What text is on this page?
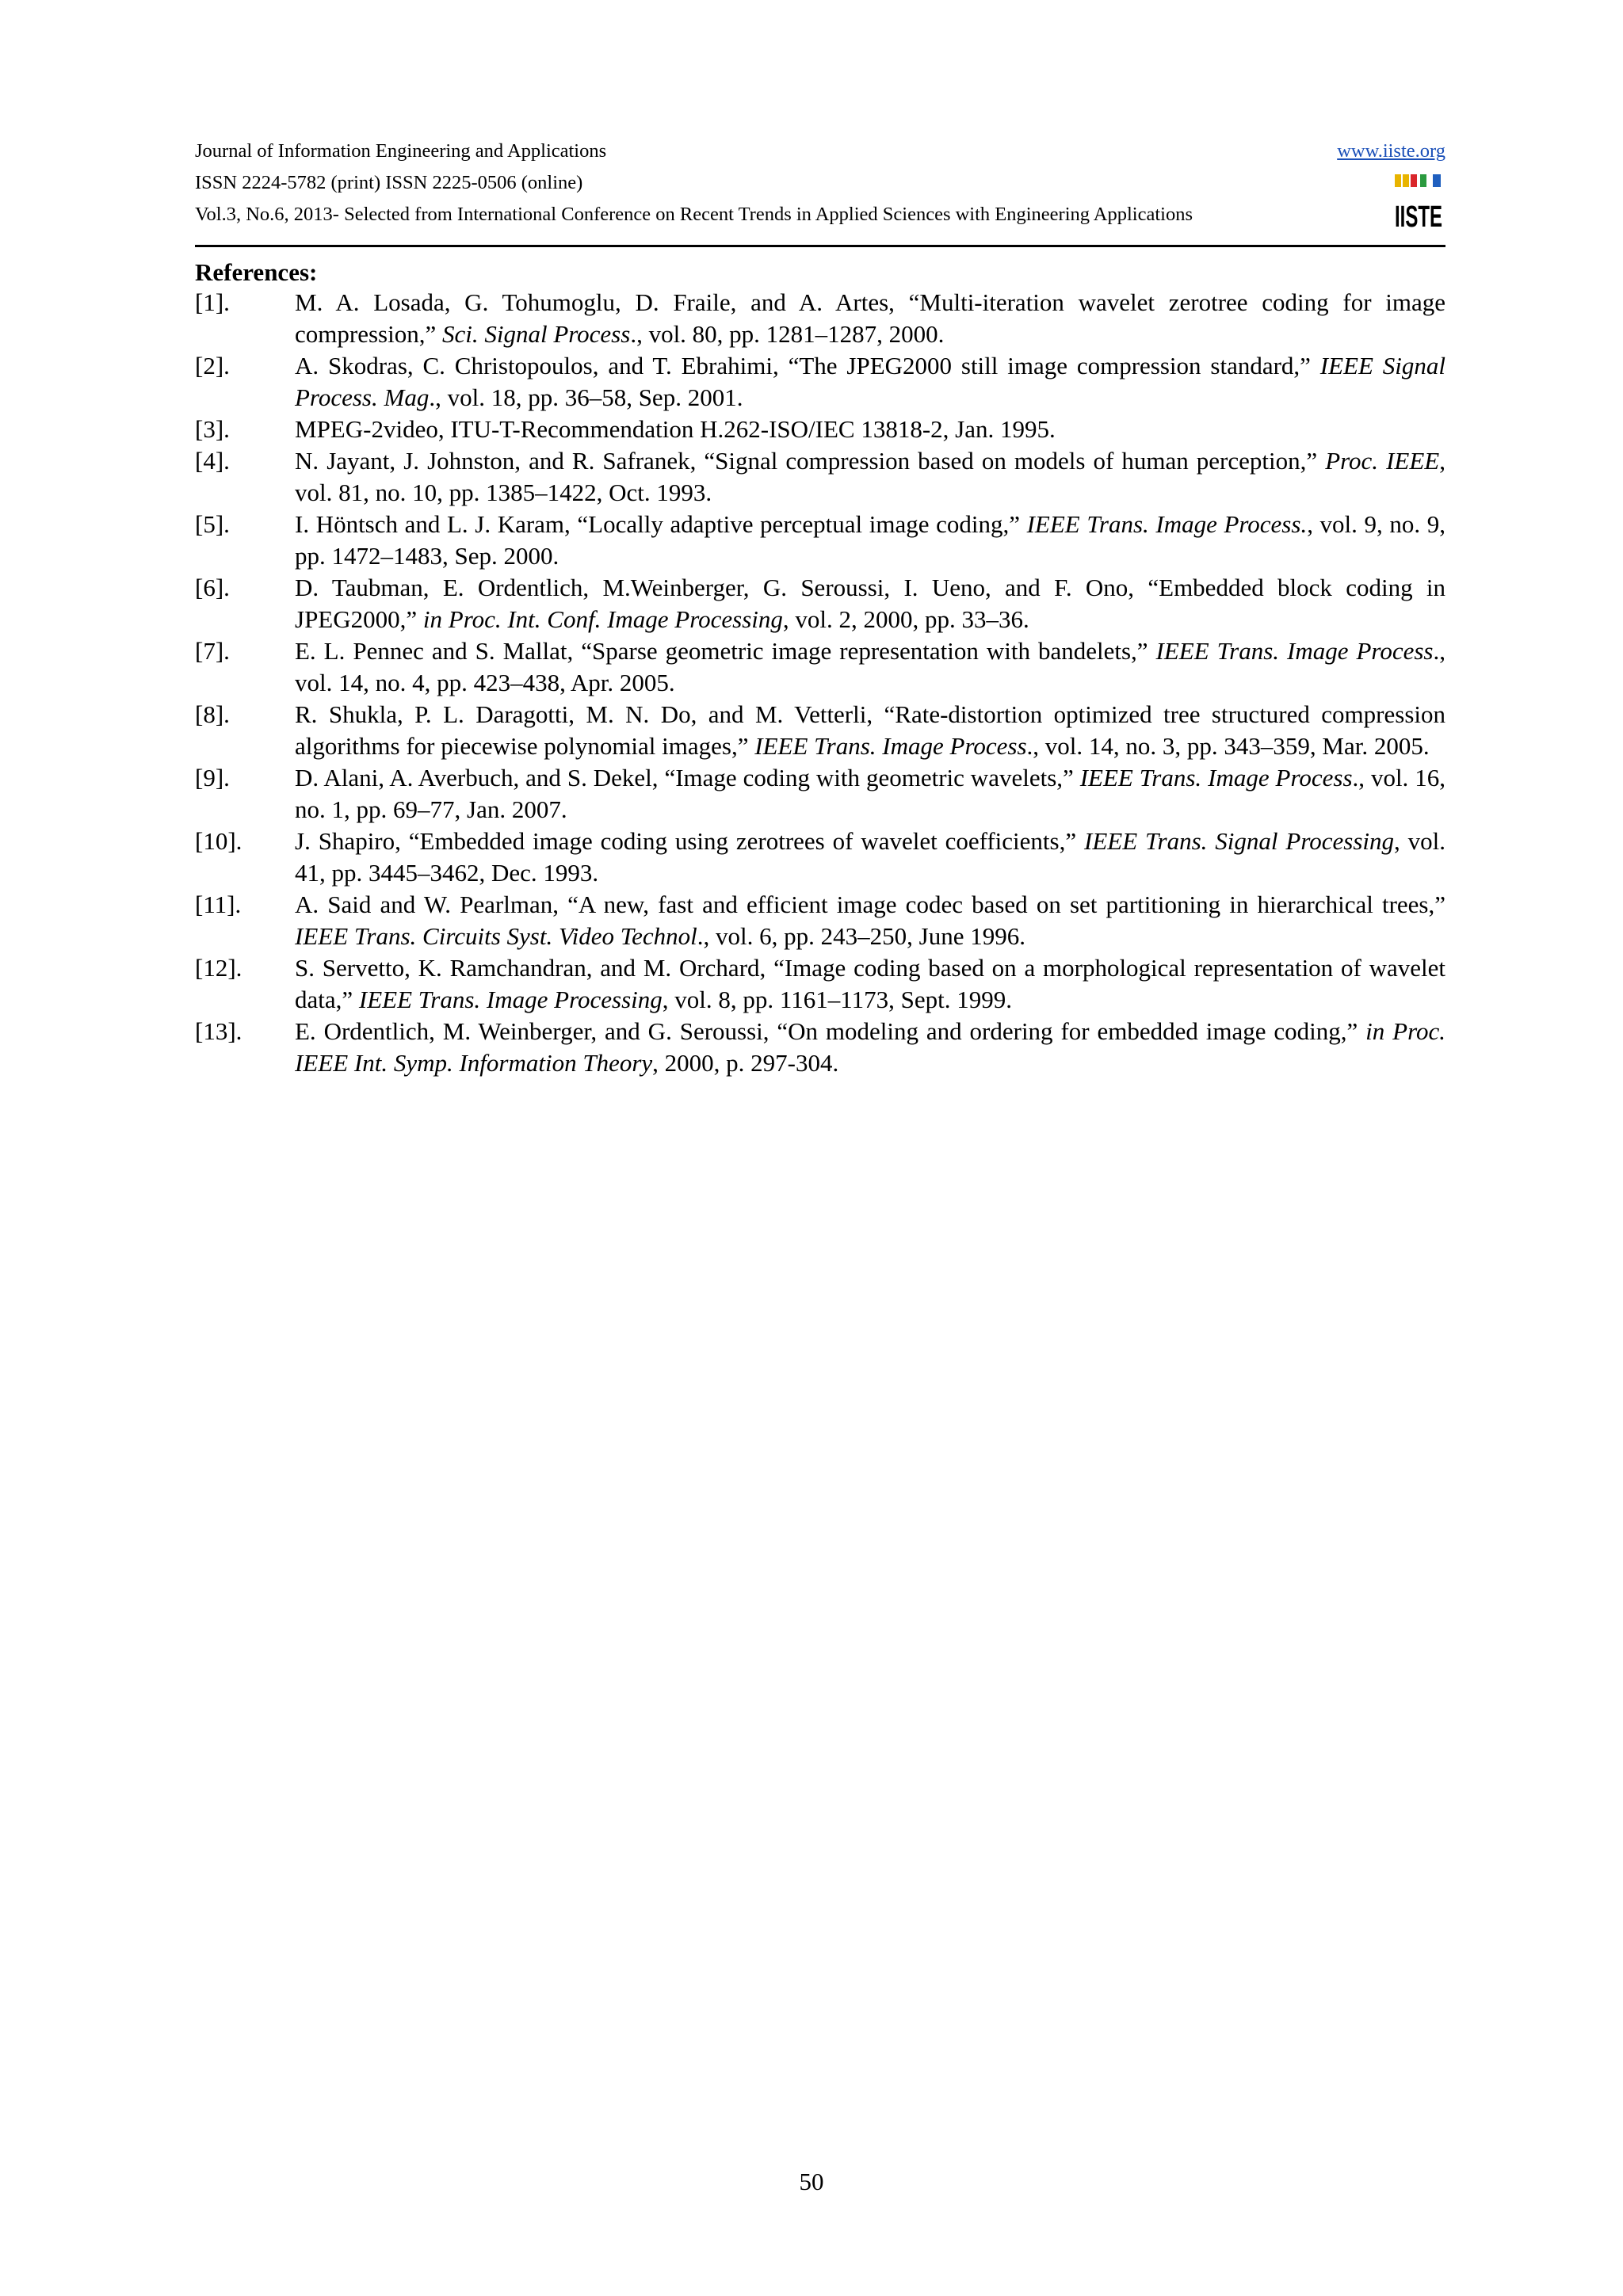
Journal of Information Engineering and Applications
ISSN 2224-5782 (print) ISSN 2225-0506 (online)
Vol.3, No.6, 2013- Selected from International Conference on Recent Trends in Applied Sciences with Engineering Applications
www.iiste.org
IISTE
References:
[1].	M. A. Losada, G. Tohumoglu, D. Fraile, and A. Artes, “Multi-iteration wavelet zerotree coding for image compression,” Sci. Signal Process., vol. 80, pp. 1281–1287, 2000.
[2].	A. Skodras, C. Christopoulos, and T. Ebrahimi, “The JPEG2000 still image compression standard,” IEEE Signal Process. Mag., vol. 18, pp. 36–58, Sep. 2001.
[3].	MPEG-2video, ITU-T-Recommendation H.262-ISO/IEC 13818-2, Jan. 1995.
[4].	N. Jayant, J. Johnston, and R. Safranek, “Signal compression based on models of human perception,” Proc. IEEE, vol. 81, no. 10, pp. 1385–1422, Oct. 1993.
[5].	I. Höntsch and L. J. Karam, “Locally adaptive perceptual image coding,” IEEE Trans. Image Process., vol. 9, no. 9, pp. 1472–1483, Sep. 2000.
[6].	D. Taubman, E. Ordentlich, M.Weinberger, G. Seroussi, I. Ueno, and F. Ono, “Embedded block coding in JPEG2000,” in Proc. Int. Conf. Image Processing, vol. 2, 2000, pp. 33–36.
[7].	E. L. Pennec and S. Mallat, “Sparse geometric image representation with bandelets,” IEEE Trans. Image Process., vol. 14, no. 4, pp. 423–438, Apr. 2005.
[8].	R. Shukla, P. L. Daragotti, M. N. Do, and M. Vetterli, “Rate-distortion optimized tree structured compression algorithms for piecewise polynomial images,” IEEE Trans. Image Process., vol. 14, no. 3, pp. 343–359, Mar. 2005.
[9].	D. Alani, A. Averbuch, and S. Dekel, “Image coding with geometric wavelets,” IEEE Trans. Image Process., vol. 16, no. 1, pp. 69–77, Jan. 2007.
[10]. J. Shapiro, “Embedded image coding using zerotrees of wavelet coefficients,” IEEE Trans. Signal Processing, vol. 41, pp. 3445–3462, Dec. 1993.
[11]. A. Said and W. Pearlman, “A new, fast and efficient image codec based on set partitioning in hierarchical trees,” IEEE Trans. Circuits Syst. Video Technol., vol. 6, pp. 243–250, June 1996.
[12]. S. Servetto, K. Ramchandran, and M. Orchard, “Image coding based on a morphological representation of wavelet data,” IEEE Trans. Image Processing, vol. 8, pp. 1161–1173, Sept. 1999.
[13]. E. Ordentlich, M. Weinberger, and G. Seroussi, “On modeling and ordering for embedded image coding,” in Proc. IEEE Int. Symp. Information Theory, 2000, p. 297-304.
50
